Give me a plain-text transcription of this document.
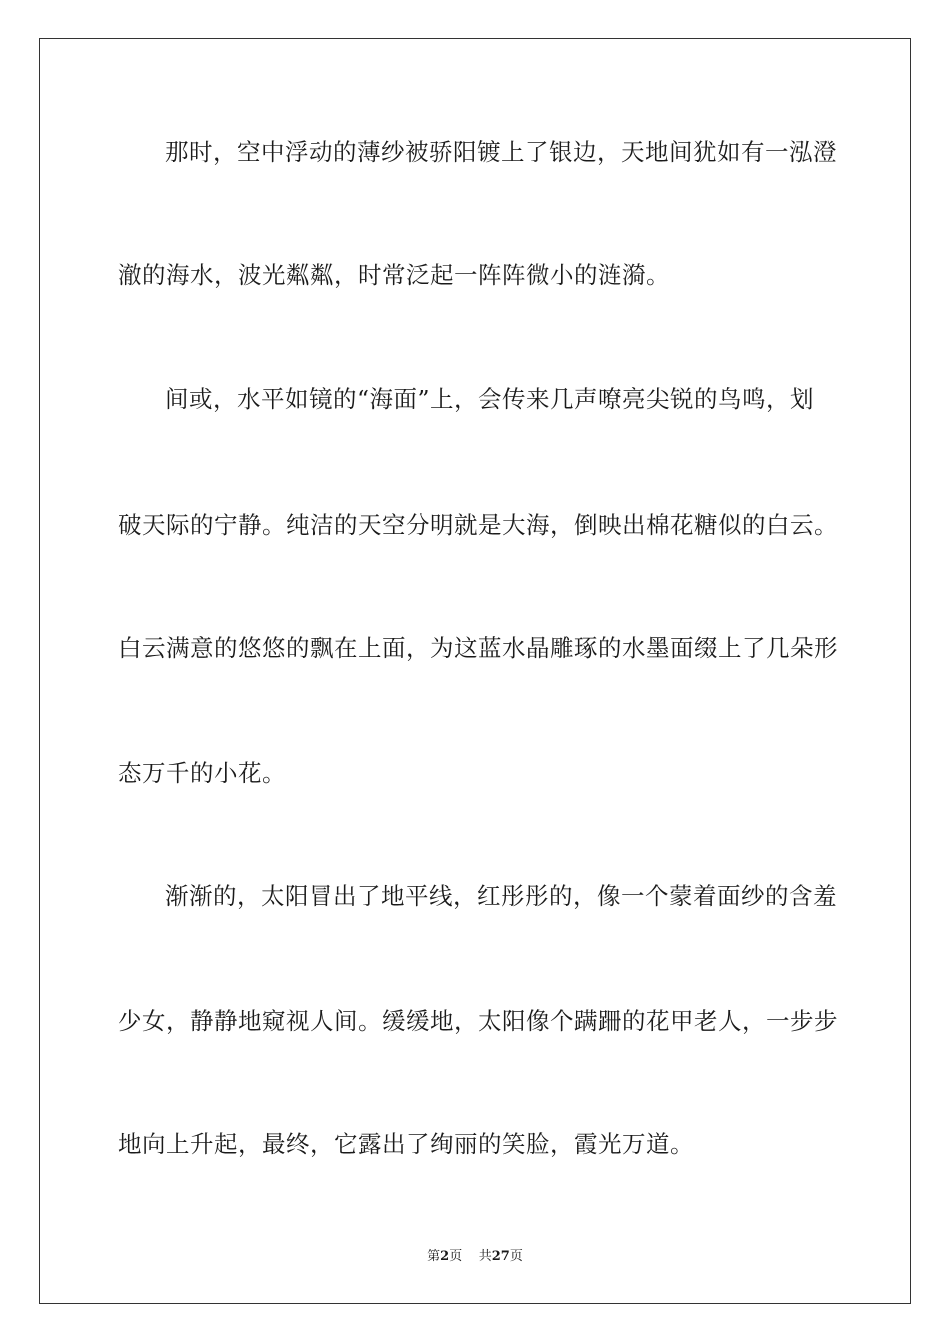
那时，空中浮动的薄纱被骄阳镀上了银边，天地间犹如有一泓澄
澈的海水，波光粼粼，时常泛起一阵阵微小的涟漪。
间或，水平如镜的“海面”上，会传来几声嘹亮尖锐的鸟鸣，划
破天际的宁静。纯洁的天空分明就是大海，倒映出棉花糖似的白云。
白云满意的悠悠的飘在上面，为这蓝水晶雕琢的水墨面缀上了几朵形
态万千的小花。
渐渐的，太阳冒出了地平线，红彤彤的，像一个蒙着面纱的含羞
少女，静静地窥视人间。缓缓地，太阳像个蹒跚的花甲老人，一步步
地向上升起，最终，它露出了绚丽的笑脸，霞光万道。
第2页 共27页
